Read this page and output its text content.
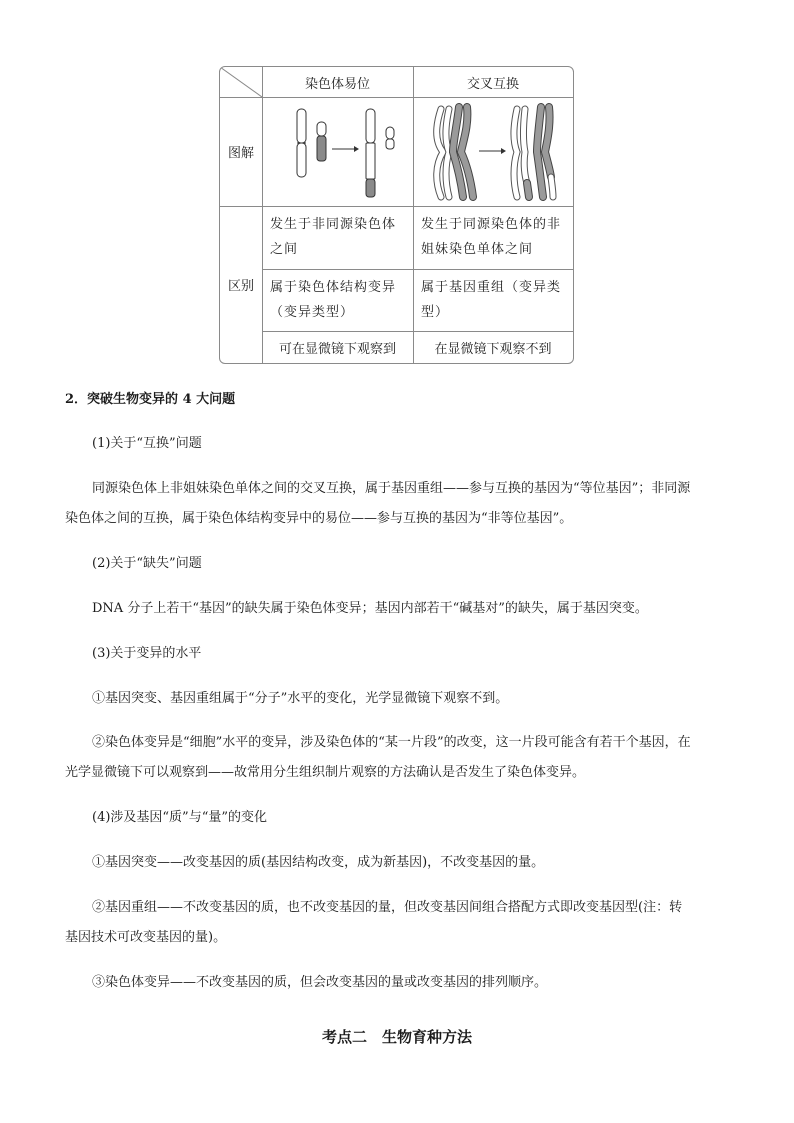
染色体易位	交叉互换
图解
区别
发生于非同源染色体
之间
发生于同源染色体的非
姐妹染色单体之间
属于染色体结构变异
（变异类型）
属于基因重组（变异类
型）
可在显微镜下观察到	在显微镜下观察不到
2．突破生物变异的 4 大问题
(1)关于“互换”问题
同源染色体上非姐妹染色单体之间的交叉互换，属于基因重组——参与互换的基因为“等位基因”；非同源
染色体之间的互换，属于染色体结构变异中的易位——参与互换的基因为“非等位基因”。
(2)关于“缺失”问题
DNA 分子上若干“基因”的缺失属于染色体变异；基因内部若干“碱基对”的缺失，属于基因突变。
(3)关于变异的水平
①基因突变、基因重组属于“分子”水平的变化，光学显微镜下观察不到。
②染色体变异是“细胞”水平的变异，涉及染色体的“某一片段”的改变，这一片段可能含有若干个基因，在
光学显微镜下可以观察到——故常用分生组织制片观察的方法确认是否发生了染色体变异。
(4)涉及基因“质”与“量”的变化
①基因突变——改变基因的质(基因结构改变，成为新基因)，不改变基因的量。
②基因重组——不改变基因的质，也不改变基因的量，但改变基因间组合搭配方式即改变基因型(注：转
基因技术可改变基因的量)。
③染色体变异——不改变基因的质，但会改变基因的量或改变基因的排列顺序。
考点二　生物育种方法
